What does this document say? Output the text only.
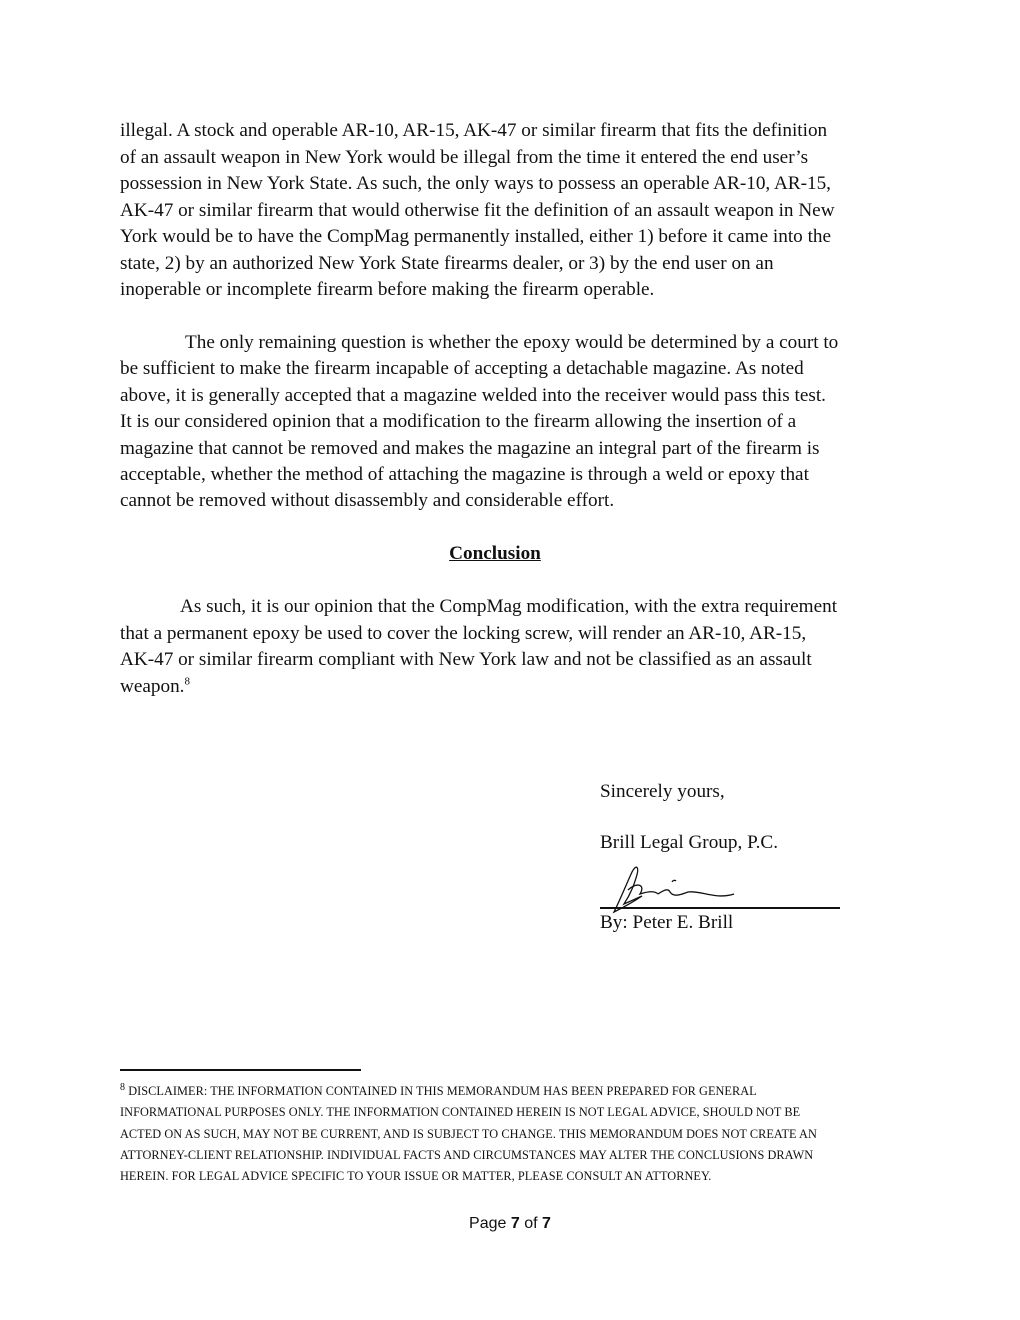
illegal. A stock and operable AR-10, AR-15, AK-47 or similar firearm that fits the definition
of an assault weapon in New York would be illegal from the time it entered the end user’s
possession in New York State. As such, the only ways to possess an operable AR-10, AR-15,
AK-47 or similar firearm that would otherwise fit the definition of an assault weapon in New
York would be to have the CompMag permanently installed, either 1) before it came into the
state, 2) by an authorized New York State firearms dealer, or 3) by the end user on an
inoperable or incomplete firearm before making the firearm operable.
The only remaining question is whether the epoxy would be determined by a court to
be sufficient to make the firearm incapable of accepting a detachable magazine. As noted
above, it is generally accepted that a magazine welded into the receiver would pass this test.
It is our considered opinion that a modification to the firearm allowing the insertion of a
magazine that cannot be removed and makes the magazine an integral part of the firearm is
acceptable, whether the method of attaching the magazine is through a weld or epoxy that
cannot be removed without disassembly and considerable effort.
Conclusion
As such, it is our opinion that the CompMag modification, with the extra requirement
that a permanent epoxy be used to cover the locking screw, will render an AR-10, AR-15,
AK-47 or similar firearm compliant with New York law and not be classified as an assault
weapon.$^8$
Sincerely yours,
Brill Legal Group, P.C.
By: Peter E. Brill
$^8$ DISCLAIMER: THE INFORMATION CONTAINED IN THIS MEMORANDUM HAS BEEN PREPARED FOR GENERAL
INFORMATIONAL PURPOSES ONLY. THE INFORMATION CONTAINED HEREIN IS NOT LEGAL ADVICE, SHOULD NOT BE
ACTED ON AS SUCH, MAY NOT BE CURRENT, AND IS SUBJECT TO CHANGE. THIS MEMORANDUM DOES NOT CREATE AN
ATTORNEY-CLIENT RELATIONSHIP. INDIVIDUAL FACTS AND CIRCUMSTANCES MAY ALTER THE CONCLUSIONS DRAWN
HEREIN. FOR LEGAL ADVICE SPECIFIC TO YOUR ISSUE OR MATTER, PLEASE CONSULT AN ATTORNEY.
Page 7 of 7
